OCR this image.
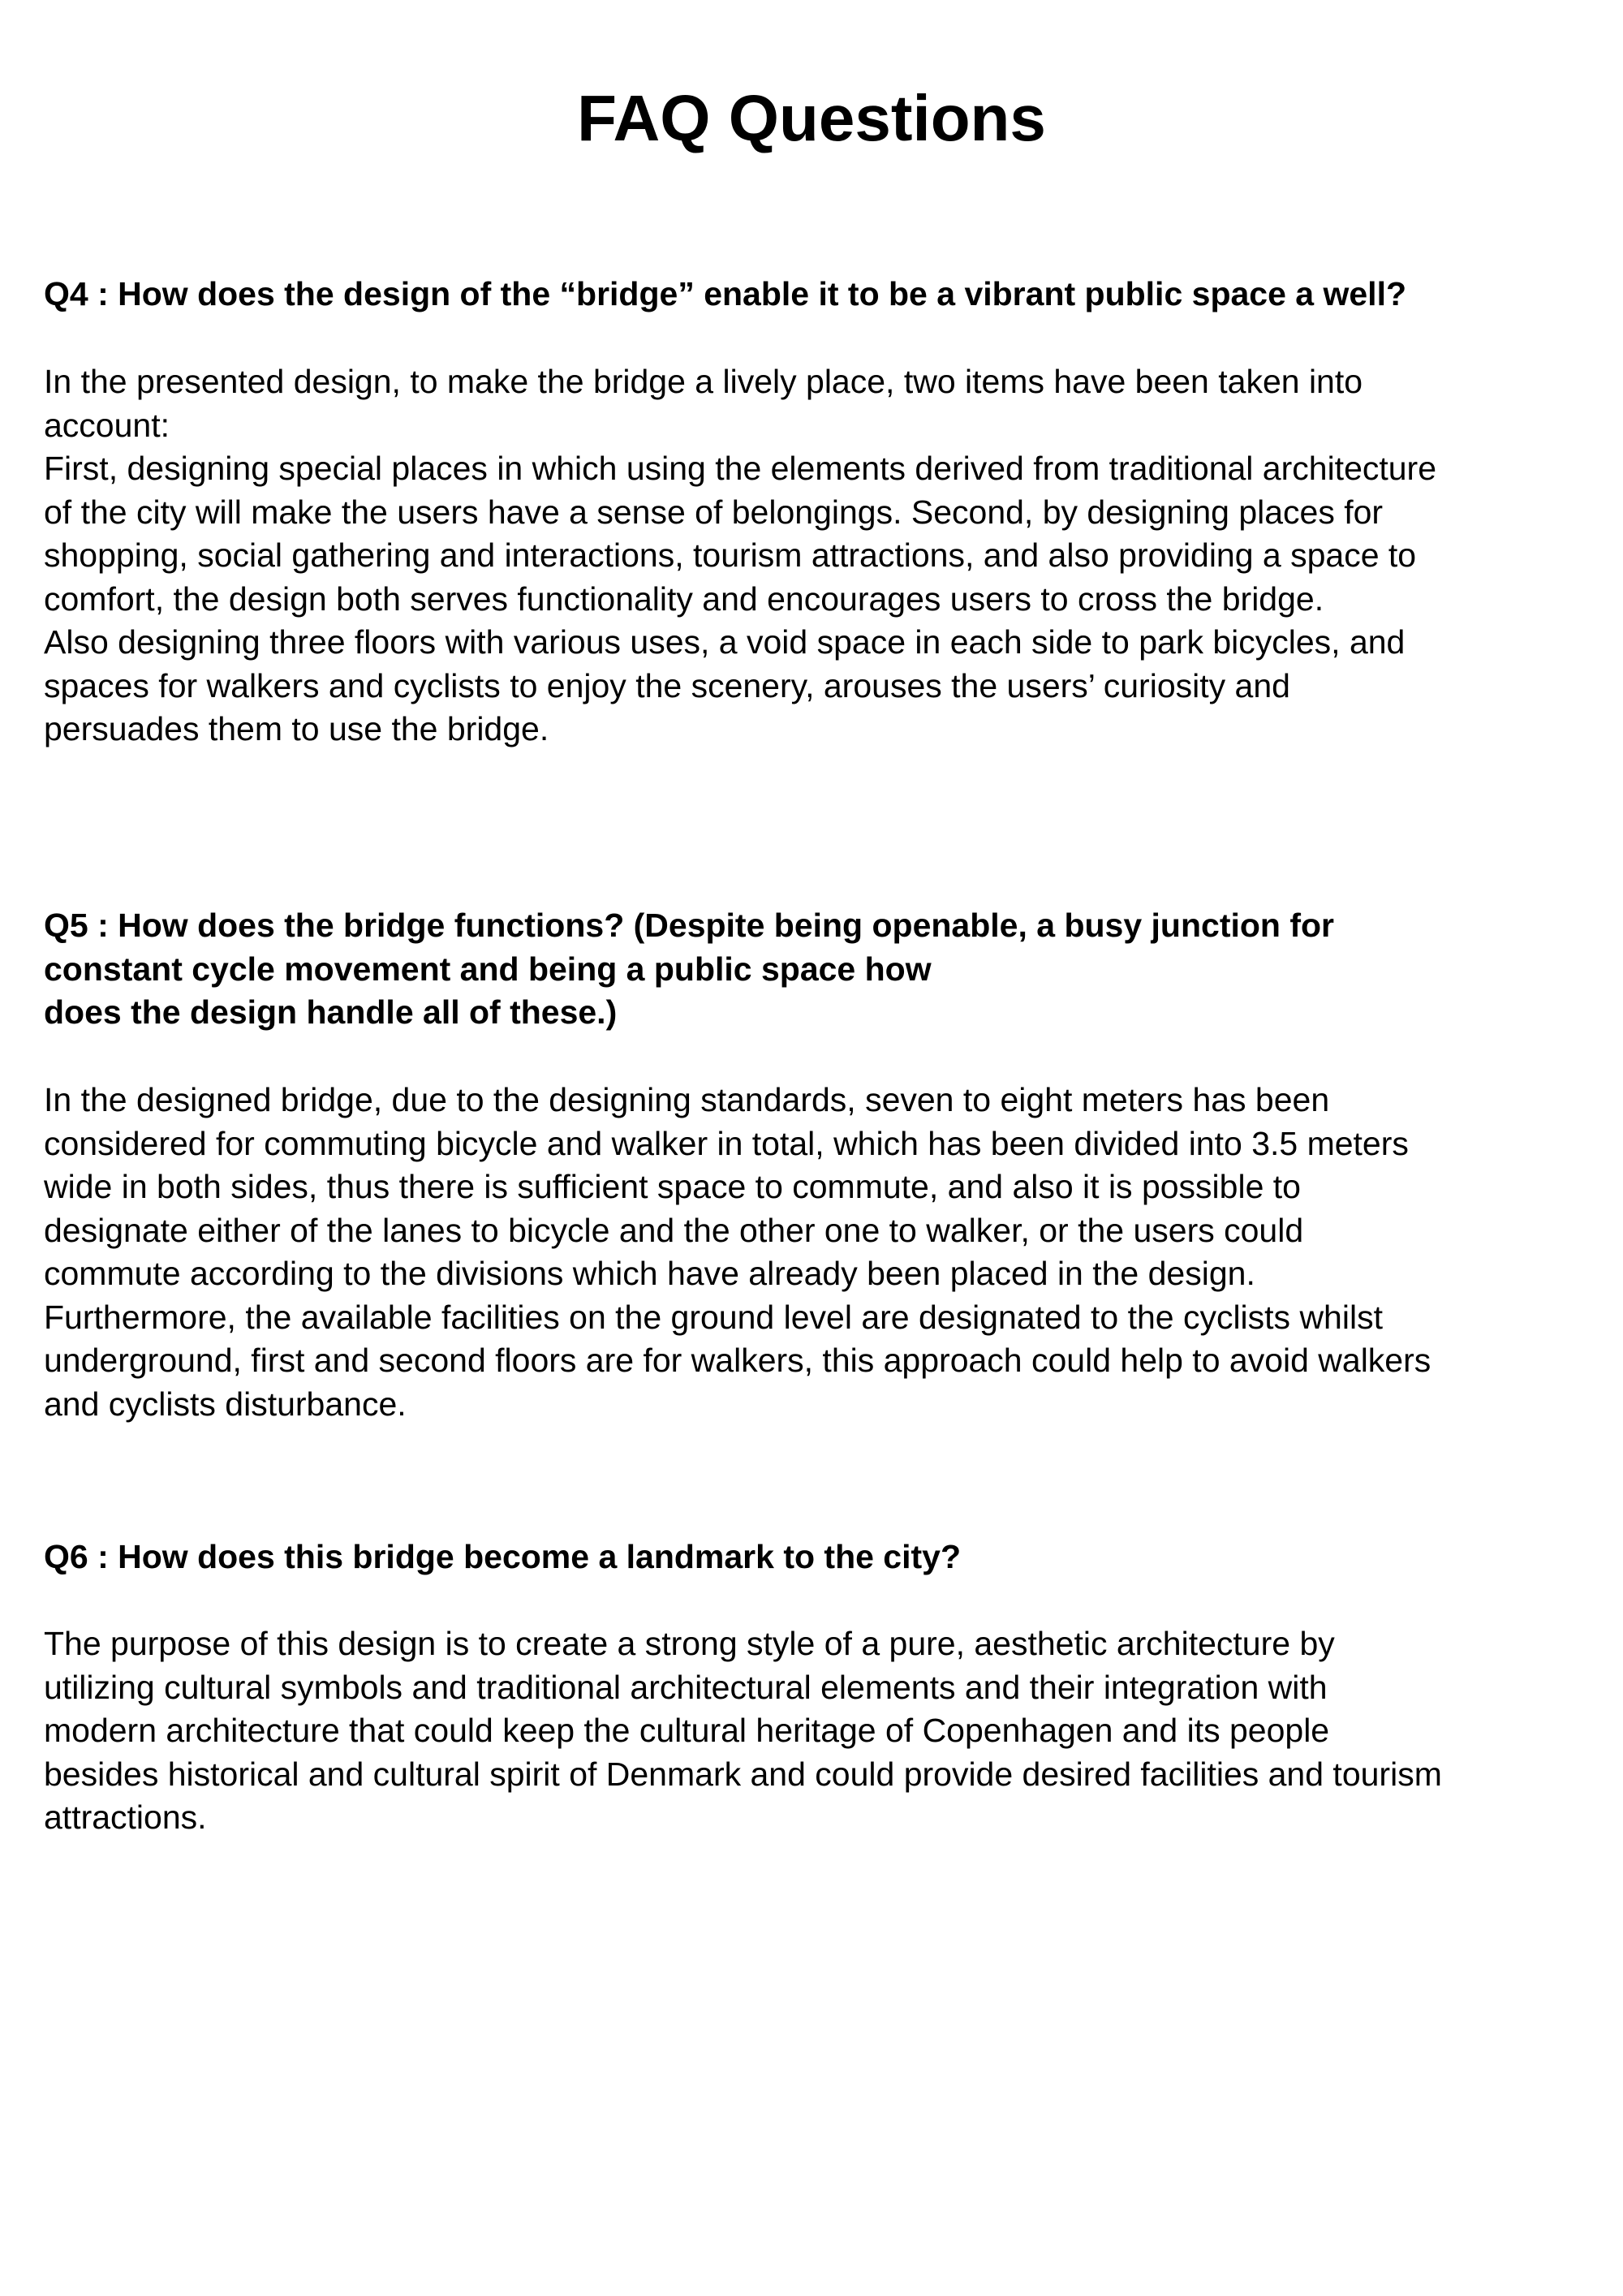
FAQ Questions
Q4 : How does the design of the “bridge” enable it to be a vibrant public space a well?
In the presented design, to make the bridge a lively place, two items have been taken into
account:
First, designing special places in which using the elements derived from traditional architecture
of the city will make the users have a sense of belongings. Second, by designing places for
shopping, social gathering and interactions, tourism attractions, and also providing a space to
comfort, the design both serves functionality and encourages users to cross the bridge.
Also designing three floors with various uses, a void space in each side to park bicycles, and
spaces for walkers and cyclists to enjoy the scenery, arouses the users’ curiosity and
persuades them to use the bridge.
Q5 : How does the bridge functions? (Despite being openable, a busy junction for
constant cycle movement and being a public space how
does the design handle all of these.)
In the designed bridge, due to the designing standards, seven to eight meters has been
considered for commuting bicycle and walker in total, which has been divided into 3.5 meters
wide in both sides, thus there is sufficient space to commute, and also it is possible to
designate either of the lanes to bicycle and the other one to walker, or the users could
commute according to the divisions which have already been placed in the design.
Furthermore, the available facilities on the ground level are designated to the cyclists whilst
underground, first and second floors are for walkers, this approach could help to avoid walkers
and cyclists disturbance.
Q6 : How does this bridge become a landmark to the city?
The purpose of this design is to create a strong style of a pure, aesthetic architecture by
utilizing cultural symbols and traditional architectural elements and their integration with
modern architecture that could keep the cultural heritage of Copenhagen and its people
besides historical and cultural spirit of Denmark and could provide desired facilities and tourism
attractions.
